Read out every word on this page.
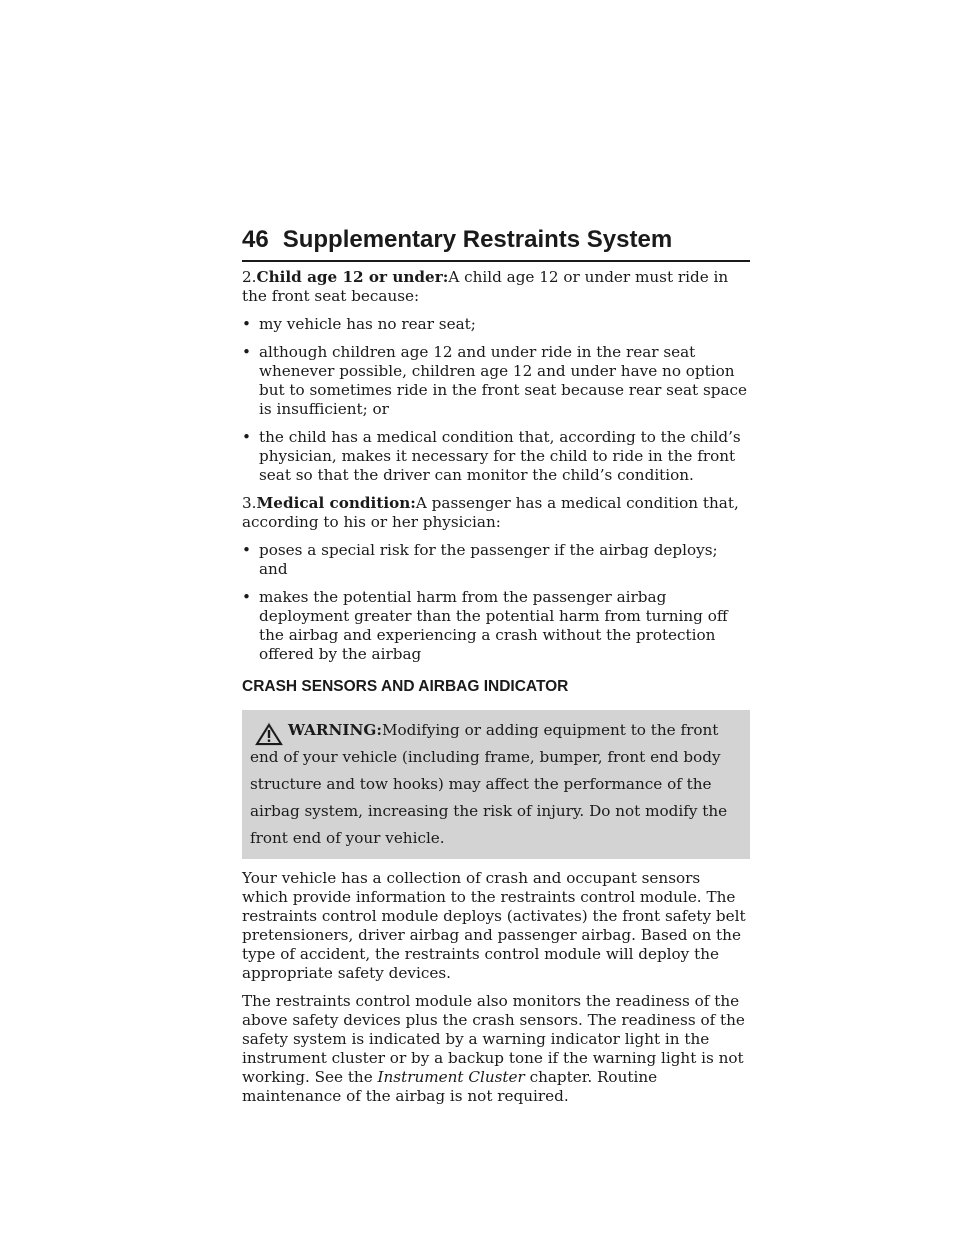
46 Supplementary Restraints System

2.Child age 12 or under:A child age 12 or under must ride in the front seat because:

• my vehicle has no rear seat;
• although children age 12 and under ride in the rear seat whenever possible, children age 12 and under have no option but to sometimes ride in the front seat because rear seat space is insufficient; or
• the child has a medical condition that, according to the child’s physician, makes it necessary for the child to ride in the front seat so that the driver can monitor the child’s condition.

3.Medical condition:A passenger has a medical condition that, according to his or her physician:

• poses a special risk for the passenger if the airbag deploys; and
• makes the potential harm from the passenger airbag deployment greater than the potential harm from turning off the airbag and experiencing a crash without the protection offered by the airbag
CRASH SENSORS AND AIRBAG INDICATOR

WARNING:Modifying or adding equipment to the front end of your vehicle (including frame, bumper, front end body structure and tow hooks) may affect the performance of the airbag system, increasing the risk of injury. Do not modify the front end of your vehicle.

Your vehicle has a collection of crash and occupant sensors which provide information to the restraints control module. The restraints control module deploys (activates) the front safety belt pretensioners, driver airbag and passenger airbag. Based on the type of accident, the restraints control module will deploy the appropriate safety devices.

The restraints control module also monitors the readiness of the above safety devices plus the crash sensors. The readiness of the safety system is indicated by a warning indicator light in the instrument cluster or by a backup tone if the warning light is not working. See the Instrument Cluster chapter. Routine maintenance of the airbag is not required.
